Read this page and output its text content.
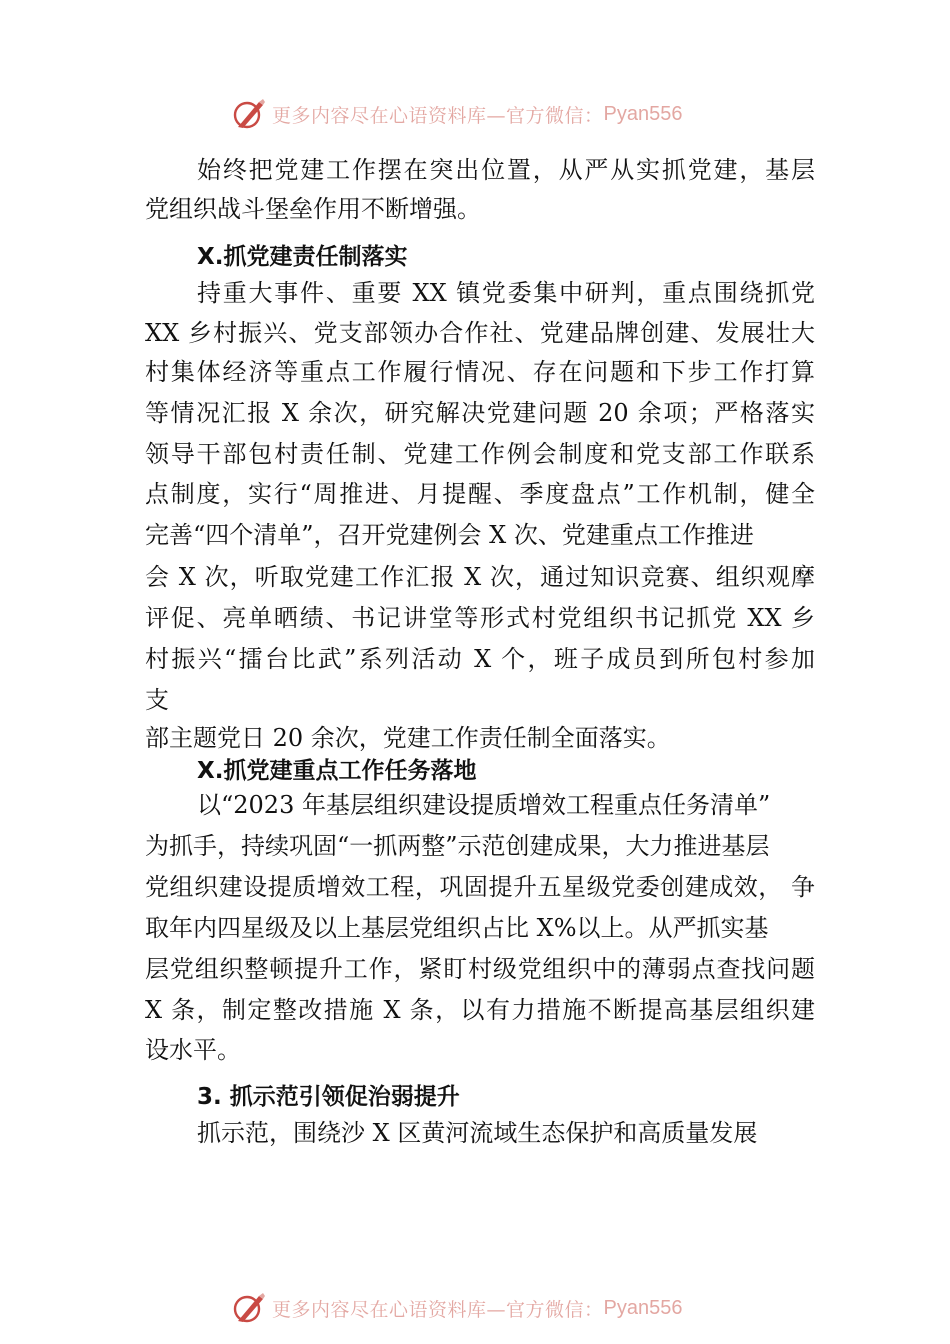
更多内容尽在心语资料库—官方微信： Pyan556
始终把党建工作摆在突出位置，从严从实抓党建，基层
党组织战斗堡垒作用不断增强。
X.抓党建责任制落实
持重大事件、重要 XX 镇党委集中研判，重点围绕抓党
XX 乡村振兴、党支部领办合作社、党建品牌创建、发展壮大
村集体经济等重点工作履行情况、存在问题和下步工作打算
等情况汇报 X 余次，研究解决党建问题 20 余项；严格落实
领导干部包村责任制、党建工作例会制度和党支部工作联系
点制度，实行“周推进、月提醒、季度盘点”工作机制，健全
完善“四个清单”，召开党建例会 X 次、党建重点工作推进
会 X 次，听取党建工作汇报 X 次，通过知识竞赛、组织观摩
评促、亮单晒绩、书记讲堂等形式村党组织书记抓党 XX 乡
村振兴“擂台比武”系列活动 X 个，班子成员到所包村参加
支
部主题党日 20 余次，党建工作责任制全面落实。
X.抓党建重点工作任务落地
以“2023 年基层组织建设提质增效工程重点任务清单”
为抓手，持续巩固“一抓两整”示范创建成果，大力推进基层
党组织建设提质增效工程，巩固提升五星级党委创建成效， 争
取年内四星级及以上基层党组织占比 X%以上。从严抓实基
层党组织整顿提升工作，紧盯村级党组织中的薄弱点查找问题
X 条，制定整改措施 X 条，以有力措施不断提高基层组织建
设水平。
3. 抓示范引领促治弱提升
抓示范，围绕沙 X 区黄河流域生态保护和高质量发展
更多内容尽在心语资料库—官方微信： Pyan556
